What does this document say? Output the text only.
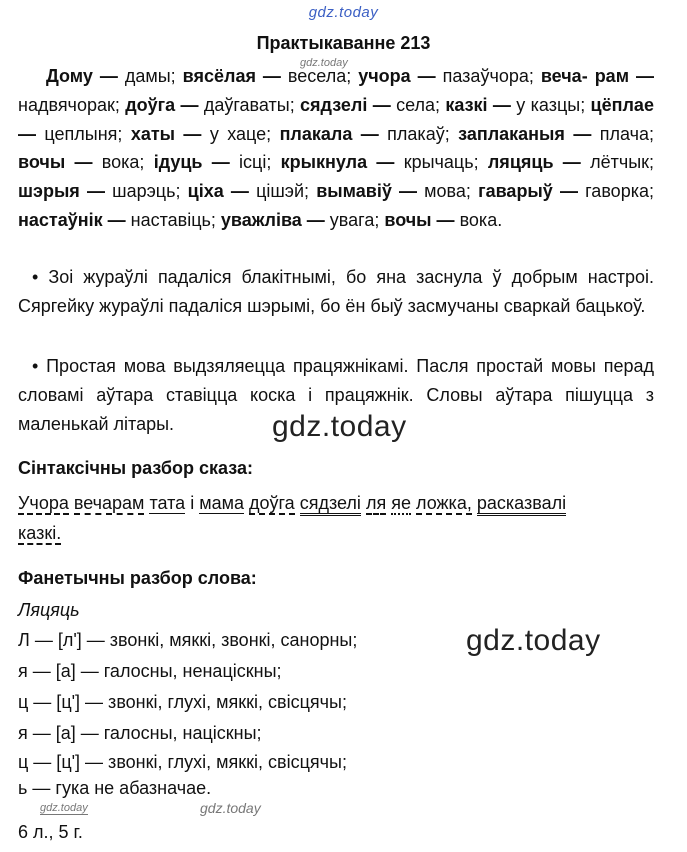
gdz.today
Практыкаванне 213
Дому — дамы; вясёлая — весела; учора — пазаўчора; веча- рам — надвячорак; доўга — даўгаваты; сядзелі — села; казкі — у казцы; цёплае — цеплыня; хаты — у хаце; плакала — плакаў; заплаканыя — плача; вочы — вока; ідуць — ісці; крыкнула — крычаць; ляцяць — лётчык; шэрыя — шарэць; ціха — цішэй; вымавіў — мова; гаварыў — гаворка; настаўнік — наставіць; уважліва — увага; вочы — вока.

• Зоі жураўлі падаліся блакітнымі, бо яна заснула ў добрым настроі. Сяргейку жураўлі падаліся шэрымі, бо ён быў засмучаны сваркай бацькоў.

• Простая мова выдзяляецца працяжнікамі. Пасля простай мовы перад словамі аўтара ставіцца коска і працяжнік. Словы аўтара пішуцца з маленькай літары.	gdz.today
Сінтаксічны разбор сказа:
Учора вечарам тата і мама доўга сядзелі ля яе ложка, расказвалі
казкі.
Фанетычны разбор слова:
Ляцяць
Л — [л'] — звонкі, мяккі, звонкі, санорны;
я — [а] — галосны, ненаціскны;
ц — [ц'] — звонкі, глухі, мяккі, свісцячы;
я — [а] — галосны, націскны;
ц — [ц'] — звонкі, глухі, мяккі, свісцячы;
ь — гука не абазначае.
gdz.today
gdz.today
gdz.today	gdz.today
6 л., 5 г.
